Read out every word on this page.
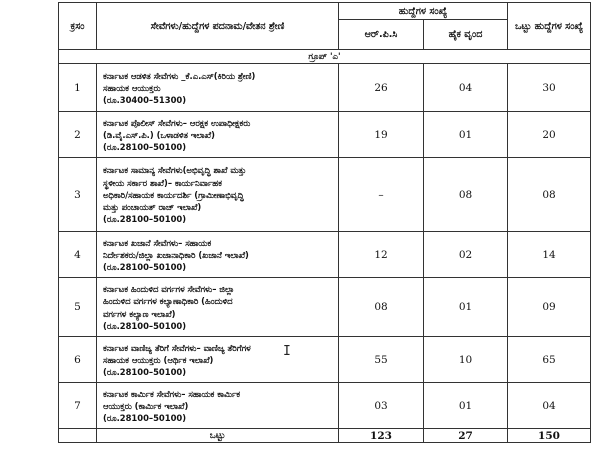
ಕ್ರಸಂ	ಸೇವೆಗಳು/ಹುದ್ದೆಗಳ ಪದನಾಮ/ವೇತನ ಶ್ರೇಣಿ	ಹುದ್ದೆಗಳ ಸಂಖ್ಯೆ		ಒಟ್ಟು ಹುದ್ದೆಗಳ ಸಂಖ್ಯೆ
		ಆರ್.ಪಿ.ಸಿ	ಹೈಕ ವೃಂದ	
ಗ್ರೂಪ್ 'ಎ'				
1	ಕರ್ನಾಟಕ ಆಡಳಿತ ಸೇವೆಗಳು _ಕೆ.ಎ.ಎಸ್(ಕಿರಿಯ ಶ್ರೇಣಿ)
ಸಹಾಯಕ ಆಯುಕ್ತರು
(ರೂ.30400–51300)	26	04	30
2	ಕರ್ನಾಟಕ ಪೊಲೀಸ್ ಸೇವೆಗಳು– ಆರಕ್ಷಕ ಉಪಾಧೀಕ್ಷಕರು
(ಡಿ.ವೈ.ಎಸ್.ಪಿ.) (ಒಳಾಡಳಿತ ಇಲಾಖೆ)
(ರೂ.28100–50100)	19	01	20
3	ಕರ್ನಾಟಕ ಸಾಮಾನ್ಯ ಸೇವೆಗಳು(ಅಭಿವೃದ್ಧಿ ಶಾಖೆ ಮತ್ತು
ಸ್ಥಳೀಯ ಸರ್ಕಾರ ಶಾಖೆ)– ಕಾರ್ಯನಿರ್ವಾಹಕ
ಅಧಿಕಾರಿ/ಸಹಾಯಕ ಕಾರ್ಯದರ್ಶಿ (ಗ್ರಾಮೀಣಾಭಿವೃದ್ಧಿ
ಮತ್ತು ಪಂಚಾಯತ್ ರಾಜ್ ಇಲಾಖೆ)
(ರೂ.28100–50100)	–	08	08
4	ಕರ್ನಾಟಕ ಖಜಾನೆ ಸೇವೆಗಳು– ಸಹಾಯಕ
ನಿರ್ದೇಶಕರು/ಜಿಲ್ಲಾ ಖಜಾನಾಧಿಕಾರಿ (ಖಜಾನೆ ಇಲಾಖೆ)
(ರೂ.28100–50100)	12	02	14
5	ಕರ್ನಾಟಕ ಹಿಂದುಳಿದ ವರ್ಗಗಳ ಸೇವೆಗಳು– ಜಿಲ್ಲಾ
ಹಿಂದುಳಿದ ವರ್ಗಗಳ ಕಲ್ಯಾಣಾಧಿಕಾರಿ (ಹಿಂದುಳಿದ
ವರ್ಗಗಳ ಕಲ್ಯಾಣ ಇಲಾಖೆ)
(ರೂ.28100–50100)	08	01	09
6	ಕರ್ನಾಟಕ ವಾಣಿಜ್ಯ ತೆರಿಗೆ ಸೇವೆಗಳು– ವಾಣಿಜ್ಯ ತೆರಿಗೆಗಳ
ಸಹಾಯಕ ಆಯುಕ್ತರು (ಆರ್ಥಿಕ ಇಲಾಖೆ)
(ರೂ.28100–50100)	55	10	65
7	ಕರ್ನಾಟಕ ಕಾರ್ಮಿಕ ಸೇವೆಗಳು– ಸಹಾಯಕ ಕಾರ್ಮಿಕ
ಆಯುಕ್ತರು (ಕಾರ್ಮಿಕ ಇಲಾಖೆ)
(ರೂ.28100–50100)	03	01	04
	ಒಟ್ಟು	123	27	150
I
